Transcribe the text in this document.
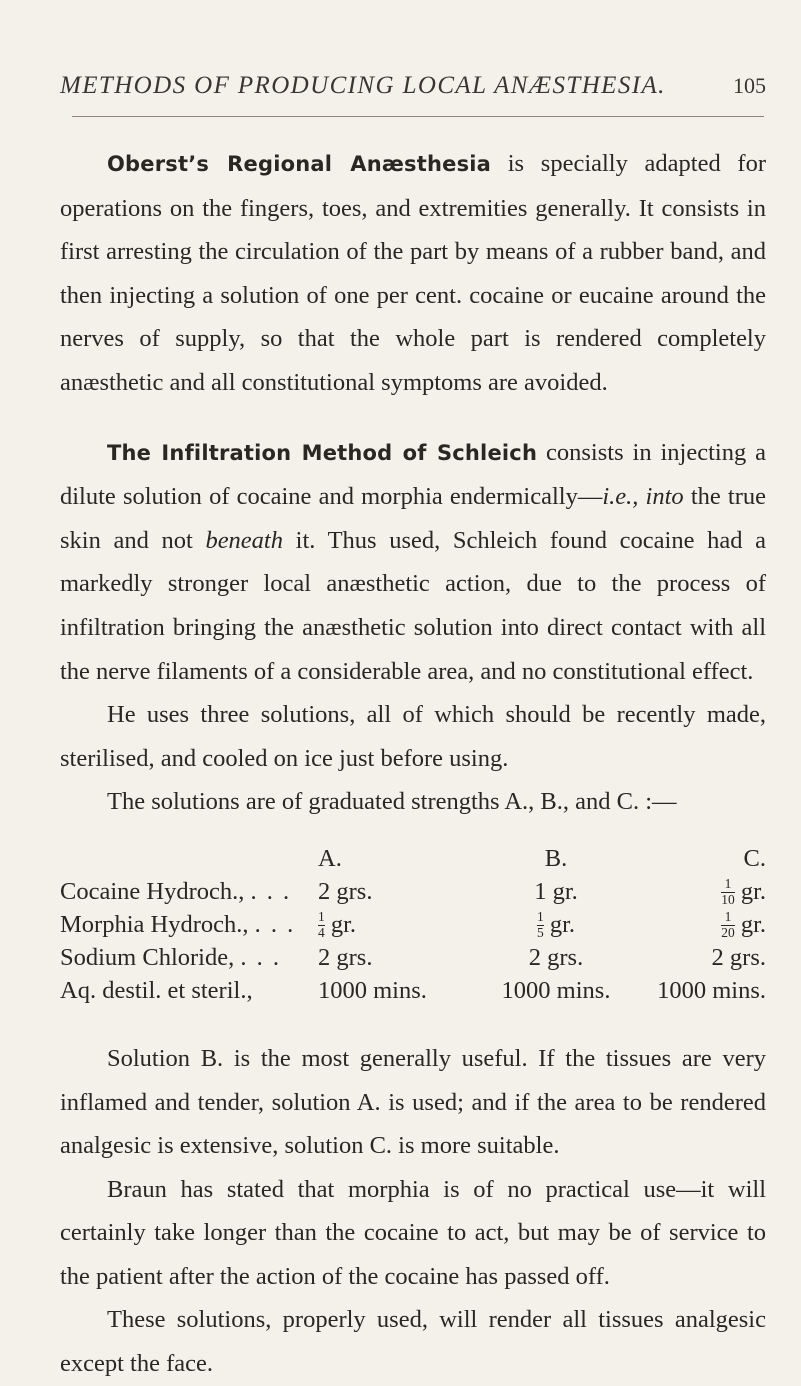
METHODS OF PRODUCING LOCAL ANÆSTHESIA.	105

Oberst’s Regional Anæsthesia is specially adapted for operations on the fingers, toes, and extremities generally. It consists in first arresting the circulation of the part by means of a rubber band, and then injecting a solution of one per cent. cocaine or eucaine around the nerves of supply, so that the whole part is rendered completely anæsthetic and all constitutional symptoms are avoided.

The Infiltration Method of Schleich consists in injecting a dilute solution of cocaine and morphia endermically—i.e., into the true skin and not beneath it. Thus used, Schleich found cocaine had a markedly stronger local anæsthetic action, due to the process of infiltration bringing the anæsthetic solution into direct contact with all the nerve filaments of a considerable area, and no constitutional effect.

He uses three solutions, all of which should be recently made, sterilised, and cooled on ice just before using.

The solutions are of graduated strengths A., B., and C. :—

	A.	B.	C.
Cocaine Hydroch., . . .	2 grs.	1 gr.	$\frac{1}{10}$ gr.
Morphia Hydroch., . . .	$\frac{1}{4}$ gr.	$\frac{1}{5}$ gr.	$\frac{1}{20}$ gr.
Sodium Chloride, . . .	2 grs.	2 grs.	2 grs.
Aq. destil. et steril.,	1000 mins.	1000 mins.	1000 mins.

Solution B. is the most generally useful. If the tissues are very inflamed and tender, solution A. is used; and if the area to be rendered analgesic is extensive, solution C. is more suitable.

Braun has stated that morphia is of no practical use—it will certainly take longer than the cocaine to act, but may be of service to the patient after the action of the cocaine has passed off.

These solutions, properly used, will render all tissues analgesic except the face.
